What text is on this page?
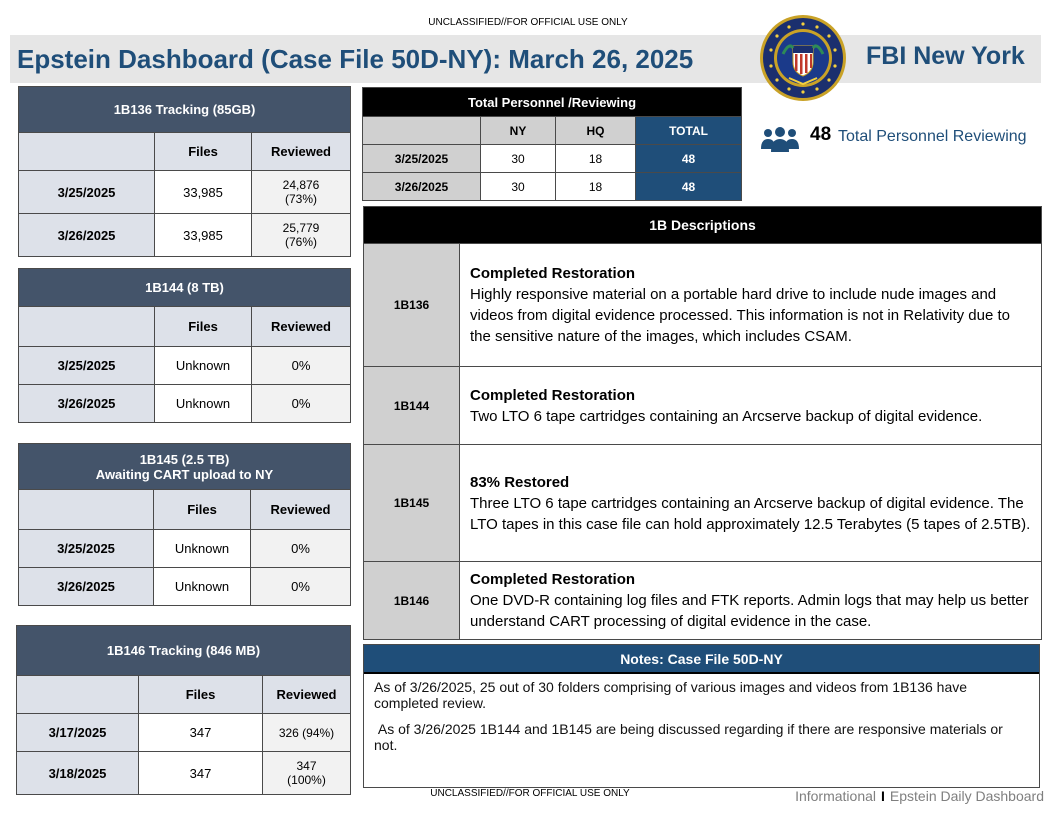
UNCLASSIFIED//FOR OFFICIAL USE ONLY
Epstein Dashboard (Case File 50D-NY): March 26, 2025	FBI New York
1B136 Tracking (85GB)		
	Files	Reviewed
3/25/2025	33,985	24,876
(73%)
3/26/2025	33,985	25,779
(76%)
1B144 (8 TB)		
	Files	Reviewed
3/25/2025	Unknown	0%
3/26/2025	Unknown	0%
1B145 (2.5 TB)
Awaiting CART upload to NY		
	Files	Reviewed
3/25/2025	Unknown	0%
3/26/2025	Unknown	0%
1B146 Tracking (846 MB)		
	Files	Reviewed
3/17/2025	347	326 (94%)
3/18/2025	347	347
(100%)
Total Personnel /Reviewing			
	NY	HQ	TOTAL
3/25/2025	30	18	48
3/26/2025	30	18	48
48 Total Personnel Reviewing
1B Descriptions	
1B136	Completed Restoration
Highly responsive material on a portable hard drive to include nude images and videos from digital evidence processed. This information is not in Relativity due to the sensitive nature of the images, which includes CSAM.
1B144	Completed Restoration
Two LTO 6 tape cartridges containing an Arcserve backup of digital evidence.
1B145	83% Restored
Three LTO 6 tape cartridges containing an Arcserve backup of digital evidence. The LTO tapes in this case file can hold approximately 12.5 Terabytes (5 tapes of 2.5TB).
1B146	Completed Restoration
One DVD-R containing log files and FTK reports. Admin logs that may help us better understand CART processing of digital evidence in the case.
Notes: Case File 50D-NY

As of 3/26/2025, 25 out of 30 folders comprising of various images and videos from 1B136 have completed review.

As of 3/26/2025 1B144 and 1B145 are being discussed regarding if there are responsive materials or not.

UNCLASSIFIED//FOR OFFICIAL USE ONLY	Informational I Epstein Daily Dashboard
